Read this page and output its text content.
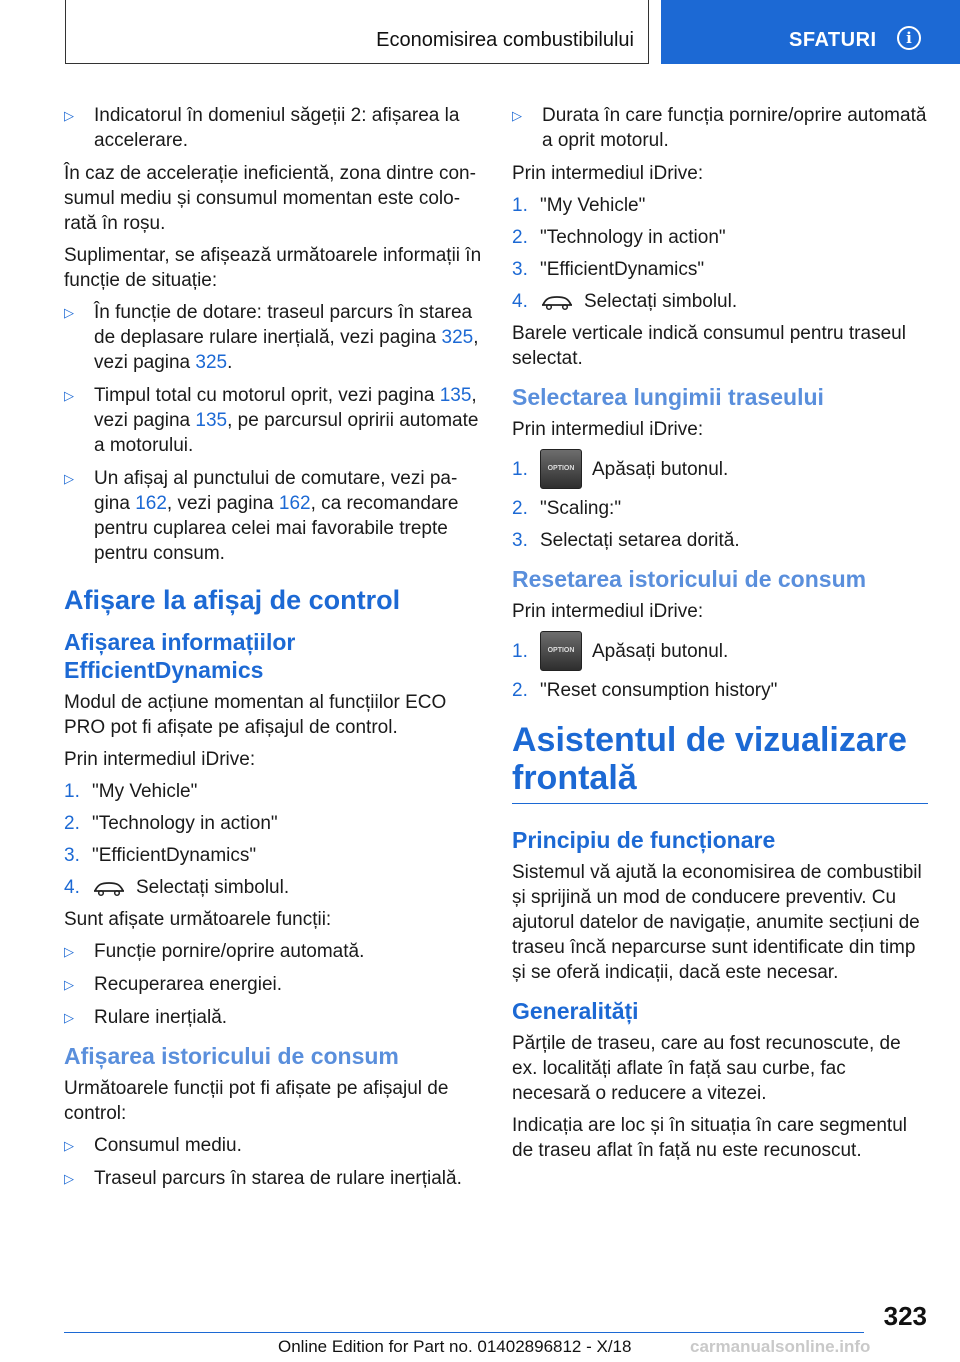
Economisirea combustibilului	SFATURI	i
▷	Indicatorul în domeniul săgeții 2: afișarea la accelerare.

În caz de accelerație ineficientă, zona dintre consumul mediu și consumul momentan este colorată în roșu.

Suplimentar, se afișează următoarele informații în funcție de situație:

▷	În funcție de dotare: traseul parcurs în starea de deplasare rulare inerțială, vezi pagina 325, vezi pagina 325.
▷	Timpul total cu motorul oprit, vezi pagina 135, vezi pagina 135, pe parcursul opririi automate a motorului.
▷	Un afișaj al punctului de comutare, vezi pagina 162, vezi pagina 162, ca recomandare pentru cuplarea celei mai favorabile trepte pentru consum.
Afișare la afișaj de control
Afișarea informațiilor EfficientDynamics

Modul de acțiune momentan al funcțiilor ECO PRO pot fi afișate pe afișajul de control.

Prin intermediul iDrive:

1. "My Vehicle"
2. "Technology in action"
3. "EfficientDynamics"
4.	Selectați simbolul.

Sunt afișate următoarele funcții:

▷	Funcție pornire/oprire automată.
▷	Recuperarea energiei.
▷	Rulare inerțială.
Afișarea istoricului de consum

Următoarele funcții pot fi afișate pe afișajul de control:

▷	Consumul mediu.
▷	Traseul parcurs în starea de rulare inerțială.
▷	Durata în care funcția pornire/oprire automată a oprit motorul.

Prin intermediul iDrive:

1. "My Vehicle"
2. "Technology in action"
3. "EfficientDynamics"
4.	Selectați simbolul.

Barele verticale indică consumul pentru traseul selectat.

Selectarea lungimii traseului

Prin intermediul iDrive:

1.	OPTION Apăsați butonul.
2. "Scaling:"
3. Selectați setarea dorită.
Resetarea istoricului de consum

Prin intermediul iDrive:

1.	OPTION Apăsați butonul.
2. "Reset consumption history"
Asistentul de vizualizare frontală
Principiu de funcționare

Sistemul vă ajută la economisirea de combustibil și sprijină un mod de conducere preventiv. Cu ajutorul datelor de navigație, anumite secțiuni de traseu încă neparcurse sunt identificate din timp și se oferă indicații, dacă este necesar.

Generalități

Părțile de traseu, care au fost recunoscute, de ex. localități aflate în față sau curbe, fac necesară o reducere a vitezei.

Indicația are loc și în situația în care segmentul de traseu aflat în față nu este recunoscut.

323
Online Edition for Part no. 01402896812 - X/18	carmanualsonline.info
